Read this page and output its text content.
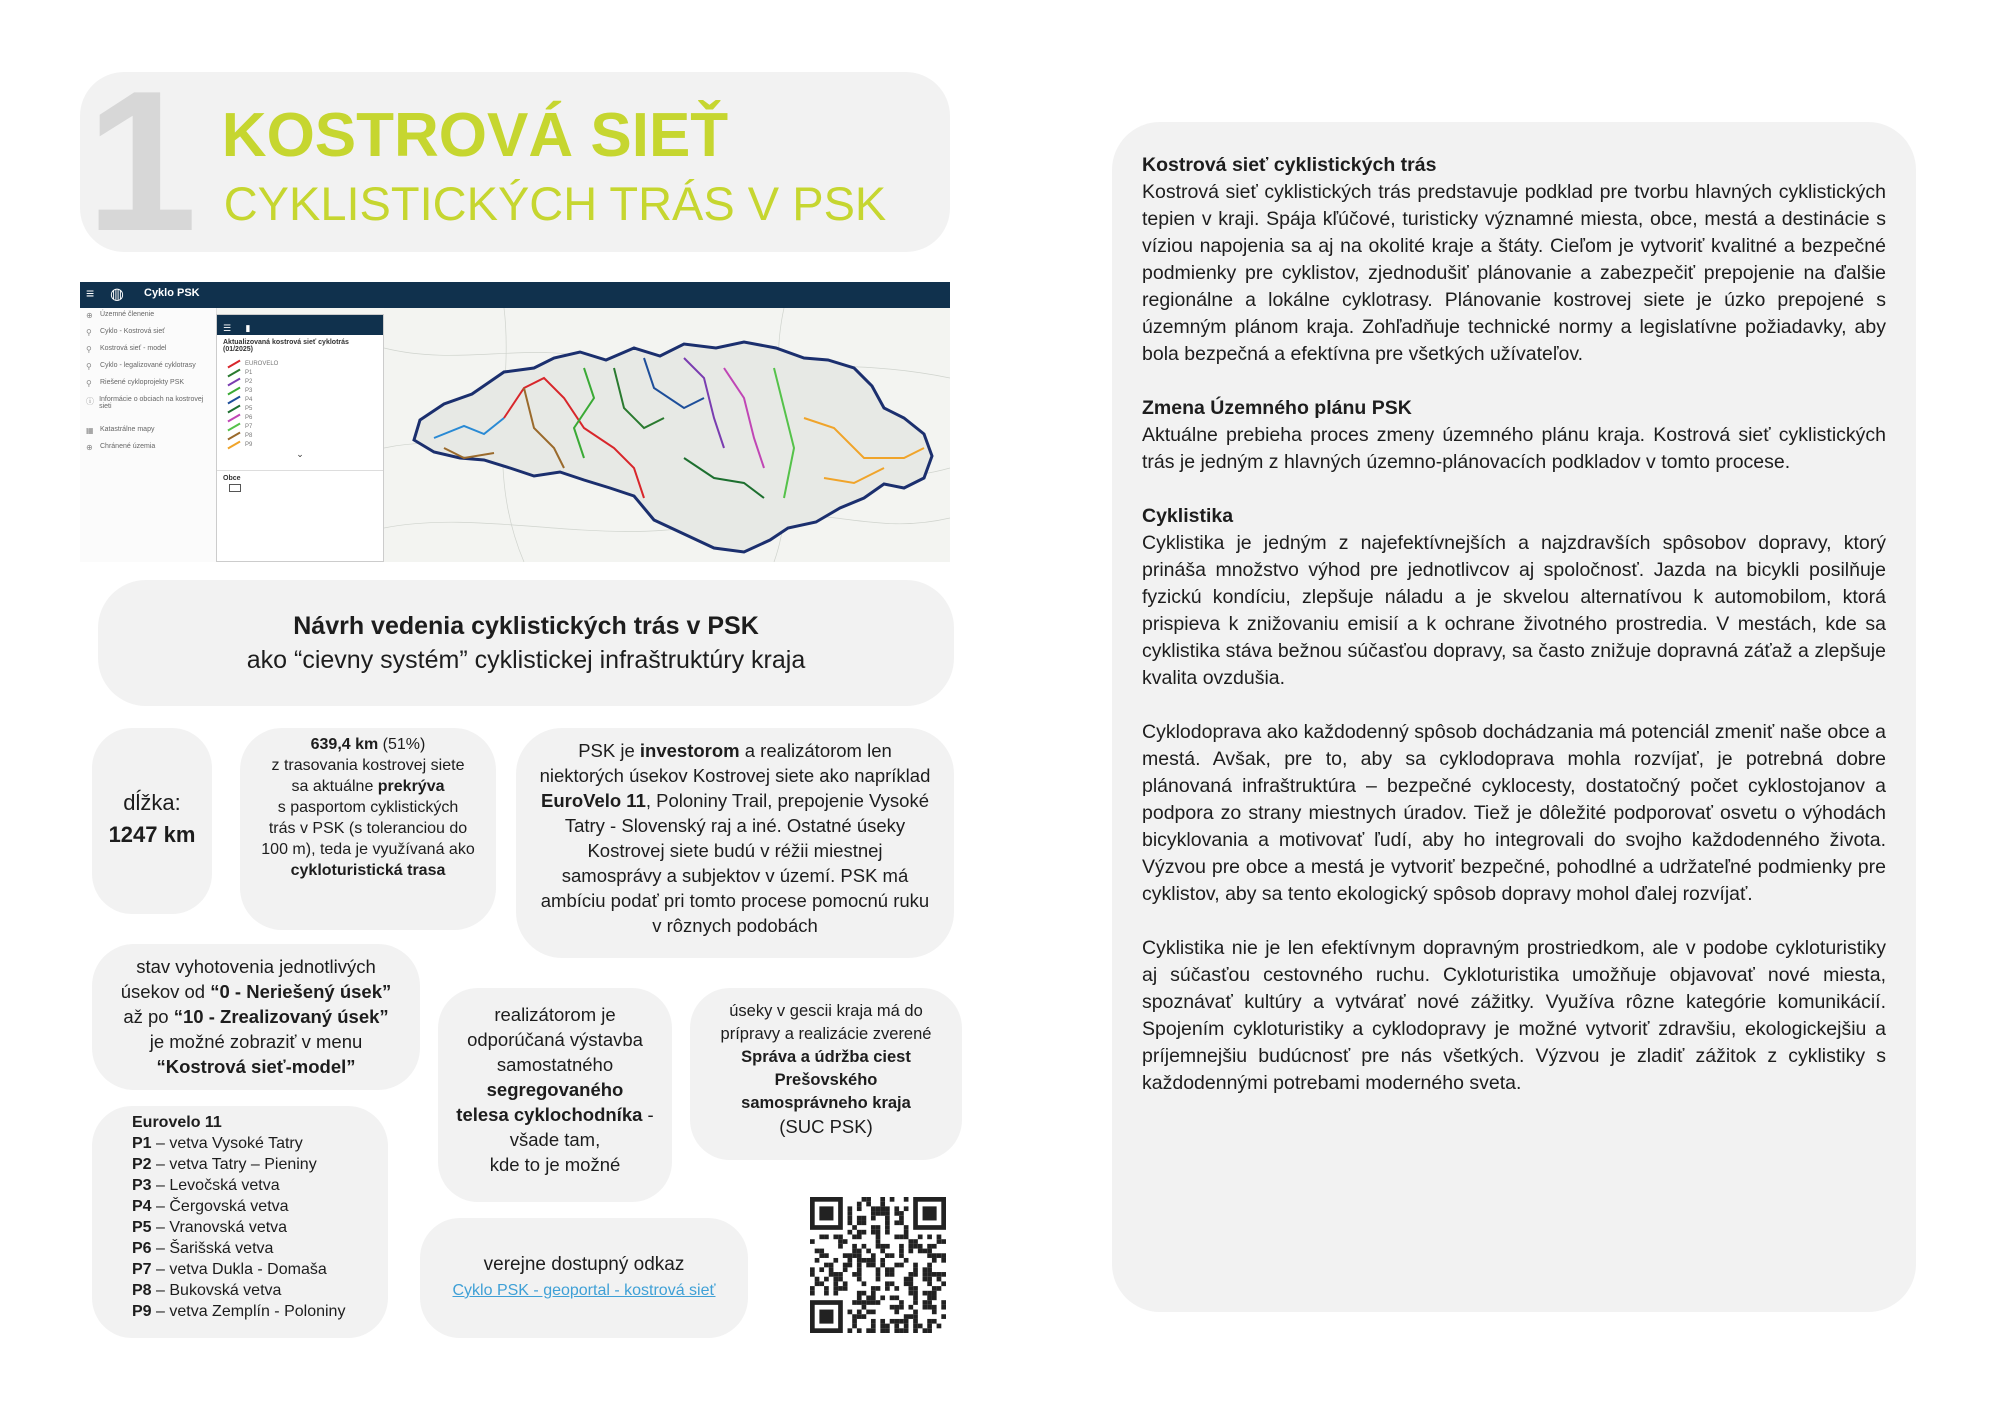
1 KOSTROVÁ SIEŤ
CYKLISTICKÝCH TRÁS V PSK
≡ ◍ Cyklo PSK
⊕	Územné členenie
⚲	Cyklo - Kostrová sieť
⚲	Kostrová sieť - model
⚲	Cyklo - legalizované cyklotrasy
⚲	Riešené cykloprojekty PSK
ⓘ Informácie o obciach na kostrovej sieti
▦ Katastrálne mapy
⊕	Chránené územia
☰ ▮
Aktualizovaná kostrová sieť cyklotrás (01/2025)
EUROVELO
P1
P2
P3
P4
P5
P6
P7
P8
P9
⌄
Obce
Návrh vedenia cyklistických trás v PSK
ako “cievny systém” cyklistickej infraštruktúry kraja
dĺžka:
1247 km
639,4 km (51%)
z trasovania kostrovej siete
sa aktuálne prekrýva
s pasportom cyklistických
trás v PSK (s toleranciou do
100 m), teda je využívaná ako
cykloturistická trasa
PSK je investorom a realizátorom len
niektorých úsekov Kostrovej siete ako napríklad
EuroVelo 11, Poloniny Trail, prepojenie Vysoké
Tatry - Slovenský raj a iné. Ostatné úseky
Kostrovej siete budú v réžii miestnej
samosprávy a subjektov v území. PSK má
ambíciu podať pri tomto procese pomocnú ruku
v rôznych podobách
stav vyhotovenia jednotlivých
úsekov od “0 - Neriešený úsek”
až po “10 - Zrealizovaný úsek”
je možné zobraziť v menu
“Kostrová sieť-model”
realizátorom je
odporúčaná výstavba
samostatného
segregovaného
telesa cyklochodníka -
všade tam,
kde to je možné
úseky v gescii kraja má do
prípravy a realizácie zverené
Správa a údržba ciest
Prešovského
samosprávneho kraja
(SUC PSK)
Eurovelo 11
P1 – vetva Vysoké Tatry
P2 – vetva Tatry – Pieniny
P3 – Levočská vetva
P4 – Čergovská vetva
P5 – Vranovská vetva
P6 – Šarišská vetva
P7 – vetva Dukla - Domaša
P8 – Bukovská vetva
P9 – vetva Zemplín - Poloniny
verejne dostupný odkaz
Cyklo PSK - geoportal - kostrová sieť

Kostrová sieť cyklistických trás

Kostrová sieť cyklistických trás predstavuje podklad pre tvorbu hlavných cyklistických tepien v kraji. Spája kľúčové, turisticky významné miesta, obce, mestá a destinácie s víziou napojenia sa aj na okolité kraje a štáty. Cieľom je vytvoriť kvalitné a bezpečné podmienky pre cyklistov, zjednodušiť plánovanie a zabezpečiť prepojenie na ďalšie regionálne a lokálne cyklotrasy. Plánovanie kostrovej siete je úzko prepojené s územným plánom kraja. Zohľadňuje technické normy a legislatívne požiadavky, aby bola bezpečná a efektívna pre všetkých užívateľov.

Zmena Územného plánu PSK

Aktuálne prebieha proces zmeny územného plánu kraja. Kostrová sieť cyklistických trás je jedným z hlavných územno-plánovacích podkladov v tomto procese.

Cyklistika

Cyklistika je jedným z najefektívnejších a najzdravších spôsobov dopravy, ktorý prináša množstvo výhod pre jednotlivcov aj spoločnosť. Jazda na bicykli posilňuje fyzickú kondíciu, zlepšuje náladu a je skvelou alternatívou k automobilom, ktorá prispieva k znižovaniu emisií a k ochrane životného prostredia. V mestách, kde sa cyklistika stáva bežnou súčasťou dopravy, sa často znižuje dopravná záťaž a zlepšuje kvalita ovzdušia.

Cyklodoprava ako každodenný spôsob dochádzania má potenciál zmeniť naše obce a mestá. Avšak, pre to, aby sa cyklodoprava mohla rozvíjať, je potrebná dobre plánovaná infraštruktúra – bezpečné cyklocesty, dostatočný počet cyklostojanov a podpora zo strany miestnych úradov. Tiež je dôležité podporovať osvetu o výhodách bicyklovania a motivovať ľudí, aby ho integrovali do svojho každodenného života. Výzvou pre obce a mestá je vytvoriť bezpečné, pohodlné a udržateľné podmienky pre cyklistov, aby sa tento ekologický spôsob dopravy mohol ďalej rozvíjať.

Cyklistika nie je len efektívnym dopravným prostriedkom, ale v podobe cykloturistiky aj súčasťou cestovného ruchu. Cykloturistika umožňuje objavovať nové miesta, spoznávať kultúry a vytvárať nové zážitky. Využíva rôzne kategórie komunikácií. Spojením cykloturistiky a cyklodopravy je možné vytvoriť zdravšiu, ekologickejšiu a príjemnejšiu budúcnosť pre nás všetkých. Výzvou je zladiť zážitok z cyklistiky s každodennými potrebami moderného sveta.
